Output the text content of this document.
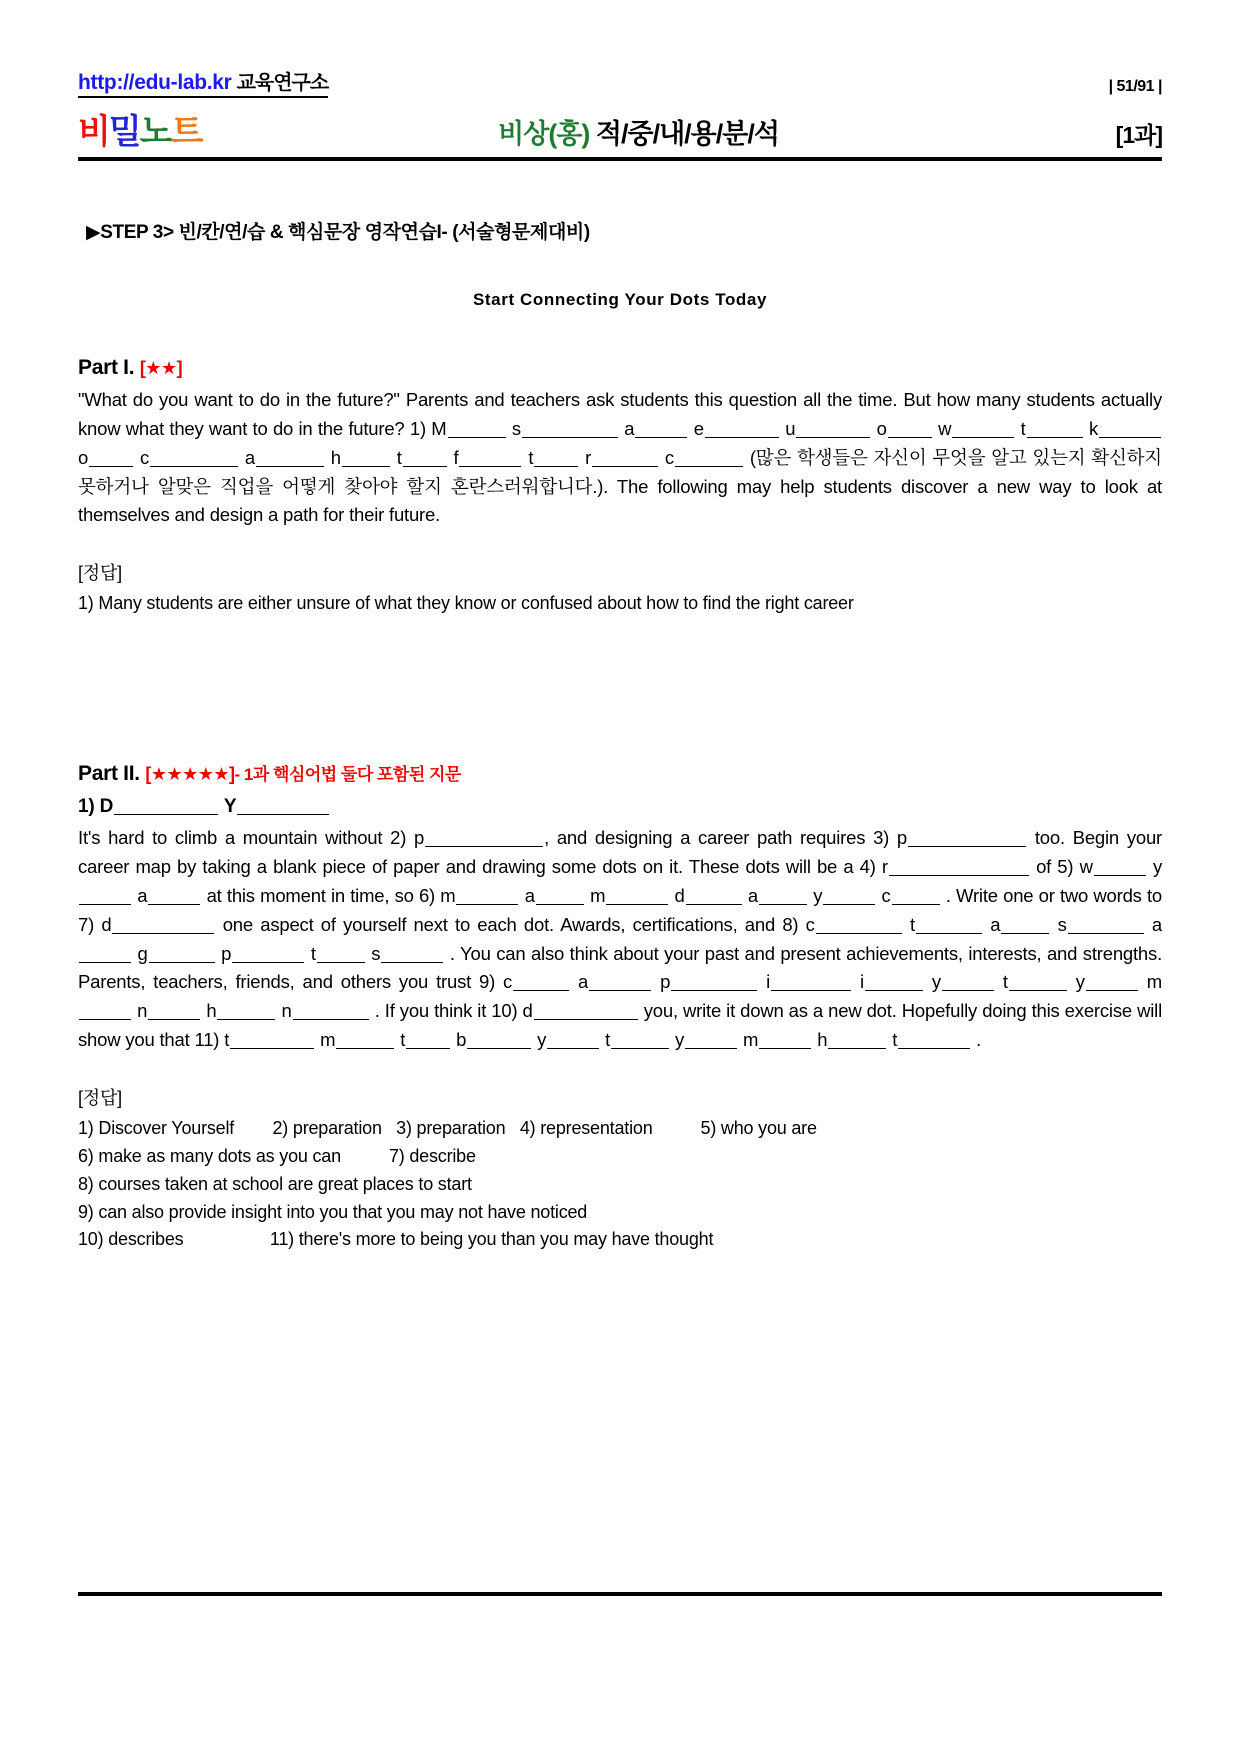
http://edu-lab.kr 교육연구소	| 51/91 |
비밀노트	비상(홍) 적/중/내/용/분/석	[1과]
▶STEP 3> 빈/칸/연/습 & 핵심문장 영작연습I- (서술형문제대비)
Start Connecting Your Dots Today
Part I. [★★]
"What do you want to do in the future?" Parents and teachers ask students this question all the time. But how many students actually know what they want to do in the future? 1) M	s	a	e	u	o w	t	k o c	a	h	t f	t r	c	(많은 학생들은 자신이 무엇을 알고 있는지 확신하지 못하거나 알맞은 직업을 어떻게 찾아야 할지 혼란스러워합니다.). The following may help students discover a new way to look at themselves and design a path for their future.
[정답]
1) Many students are either unsure of what they know or confused about how to find the right career
Part II. [★★★★★]- 1과 핵심어법 둘다 포함된 지문
1) D	Y
It's hard to climb a mountain without 2) p	, and designing a career path requires 3) p	too. Begin your career map by taking a blank piece of paper and drawing some dots on it. These dots will be a 4) r	of 5) w	y a	at this moment in time, so 6) m	a	m	d	a	y	c	. Write one or two words to 7) d	one aspect of yourself next to each dot. Awards, certifications, and 8) c	t	a	s	a g	p	t	s	. You can also think about your past and present achievements, interests, and strengths. Parents, teachers, friends, and others you trust 9) c	a	p	i	i	y	t	y	m n	h	n	. If you think it 10) d	you, write it down as a new dot. Hopefully doing this exercise will show you that 11) t	m	t b	y	t	y	m	h	t	.
[정답]
1) Discover Yourself        2) preparation   3) preparation   4) representation          5) who you are
6) make as many dots as you can          7) describe
8) courses taken at school are great places to start
9) can also provide insight into you that you may not have noticed
10) describes                  11) there's more to being you than you may have thought
